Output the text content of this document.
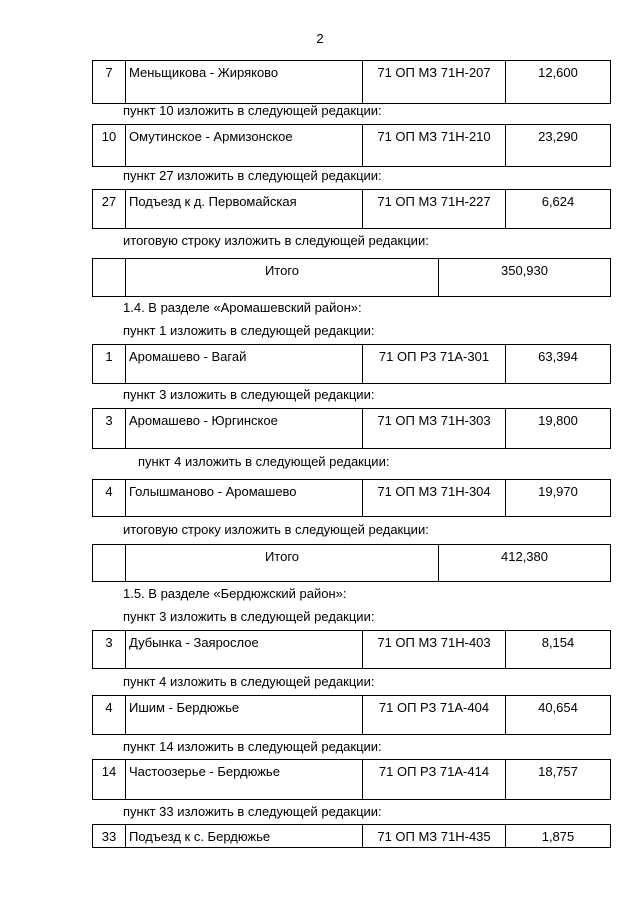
2
7	Меньщикова - Жиряково	71 ОП МЗ 71Н-207	12,600
пункт 10 изложить в следующей редакции:
10	Омутинское - Армизонское	71 ОП МЗ 71Н-210	23,290
пункт 27 изложить в следующей редакции:
27	Подъезд к д. Первомайская	71 ОП МЗ 71Н-227	6,624
итоговую строку изложить в следующей редакции:
	Итого	350,930
1.4. В разделе «Аромашевский район»:
пункт 1 изложить в следующей редакции:
1	Аромашево - Вагай	71 ОП РЗ 71А-301	63,394
пункт 3 изложить в следующей редакции:
3	Аромашево - Юргинское	71 ОП МЗ 71Н-303	19,800
пункт 4 изложить в следующей редакции:
4	Голышманово - Аромашево	71 ОП МЗ 71Н-304	19,970
итоговую строку изложить в следующей редакции:
	Итого	412,380
1.5. В разделе «Бердюжский район»:
пункт 3 изложить в следующей редакции:
3	Дубынка - Заярослое	71 ОП МЗ 71Н-403	8,154
пункт 4 изложить в следующей редакции:
4	Ишим - Бердюжье	71 ОП РЗ 71А-404	40,654
пункт 14 изложить в следующей редакции:
14	Частоозерье - Бердюжье	71 ОП РЗ 71А-414	18,757
пункт 33 изложить в следующей редакции:
33	Подъезд к с. Бердюжье	71 ОП МЗ 71Н-435	1,875
